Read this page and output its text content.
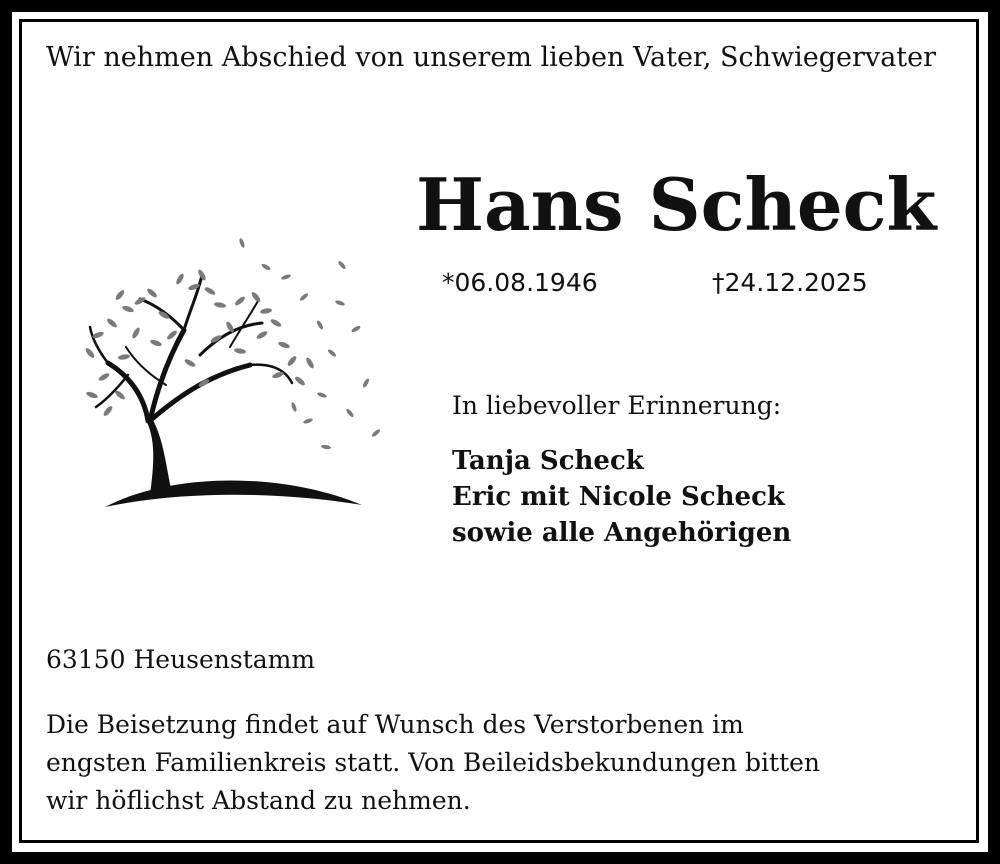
Wir nehmen Abschied von unserem lieben Vater, Schwiegervater
Hans Scheck
*06.08.1946	†24.12.2025
In liebevoller Erinnerung:
Tanja Scheck
Eric mit Nicole Scheck
sowie alle Angehörigen
63150 Heusenstamm
Die Beisetzung findet auf Wunsch des Verstorbenen im
engsten Familienkreis statt. Von Beileidsbekundungen bitten
wir höflichst Abstand zu nehmen.
